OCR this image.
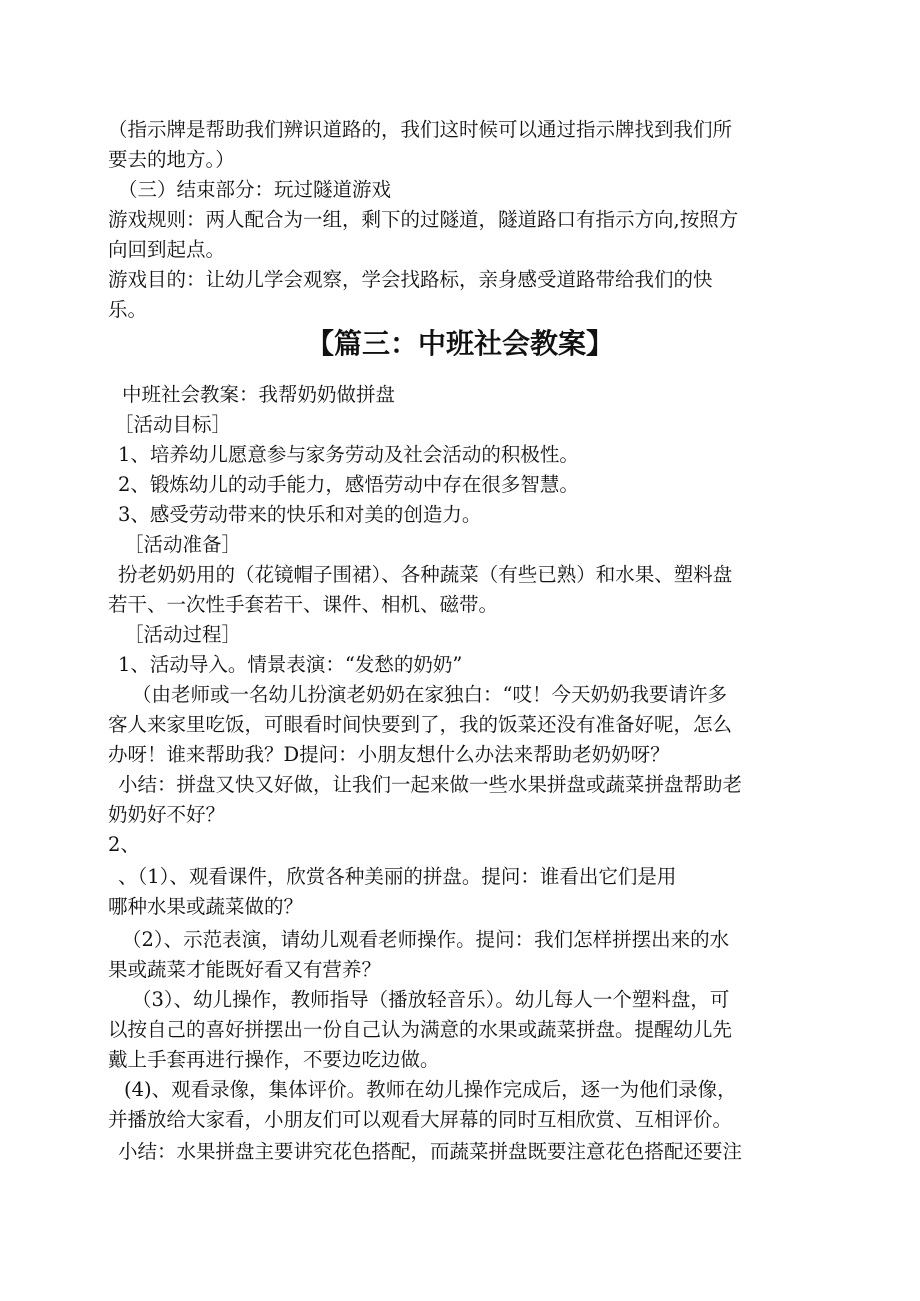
（指示牌是帮助我们辨识道路的，我们这时候可以通过指示牌找到我们所

要去的地方。）

（三）结束部分：玩过隧道游戏

游戏规则：两人配合为一组，剩下的过隧道，隧道路口有指示方向,按照方

向回到起点。

游戏目的：让幼儿学会观察，学会找路标，亲身感受道路带给我们的快

乐。

【篇三：中班社会教案】

中班社会教案：我帮奶奶做拼盘

［活动目标］

1、培养幼儿愿意参与家务劳动及社会活动的积极性。

2、锻炼幼儿的动手能力，感悟劳动中存在很多智慧。

3、感受劳动带来的快乐和对美的创造力。

［活动准备］

扮老奶奶用的（花镜帽子围裙）、各种蔬菜（有些已熟）和水果、塑料盘

若干、一次性手套若干、课件、相机、磁带。

［活动过程］

1、活动导入。情景表演：“发愁的奶奶”

（由老师或一名幼儿扮演老奶奶在家独白：“哎！今天奶奶我要请许多

客人来家里吃饭，可眼看时间快要到了，我的饭菜还没有准备好呢，怎么

办呀！谁来帮助我？D提问：小朋友想什么办法来帮助老奶奶呀？

小结：拼盘又快又好做，让我们一起来做一些水果拼盘或蔬菜拼盘帮助老

奶奶好不好？

2、

、（1）、观看课件，欣赏各种美丽的拼盘。提问：谁看出它们是用

哪种水果或蔬菜做的？

（2）、示范表演，请幼儿观看老师操作。提问：我们怎样拼摆出来的水

果或蔬菜才能既好看又有营养？

（3）、幼儿操作，教师指导（播放轻音乐）。幼儿每人一个塑料盘，可

以按自己的喜好拼摆出一份自己认为满意的水果或蔬菜拼盘。提醒幼儿先

戴上手套再进行操作，不要边吃边做。

(4)、观看录像，集体评价。教师在幼儿操作完成后，逐一为他们录像，

并播放给大家看，小朋友们可以观看大屏幕的同时互相欣赏、互相评价。

小结：水果拼盘主要讲究花色搭配，而蔬菜拼盘既要注意花色搭配还要注
